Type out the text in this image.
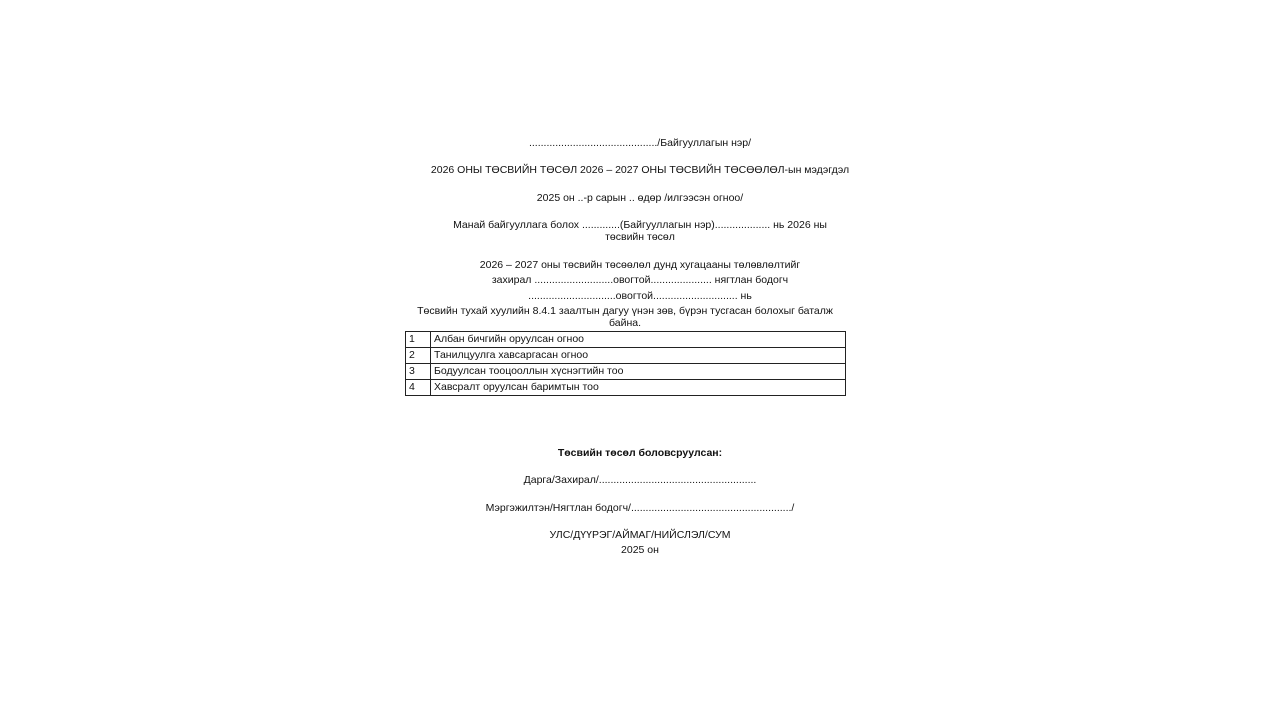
............................................/Байгууллагын нэр/
2026 ОНЫ ТӨСВИЙН ТӨСӨЛ 2026 – 2027 ОНЫ ТӨСВИЙН ТӨСӨӨЛӨЛ-ын мэдэгдэл
2025 он ..-р сарын .. өдөр /илгээсэн огноо/
Манай байгууллага болох .............(Байгууллагын нэр)................... нь 2026 ны
төсвийн төсөл
2026 – 2027 оны төсвийн төсөөлөл дунд хугацааны төлөвлөлтийг
захирал ...........................овогтой..................... нягтлан бодогч
..............................овогтой............................. нь
Төсвийн тухай хуулийн 8.4.1 заалтын дагуу үнэн зөв, бүрэн тусгасан болохыг баталж байна.
1	Албан бичгийн оруулсан огноо
2	Танилцуулга хавсаргасан огноо
3	Бодуулсан тооцооллын хүснэгтийн тоо
4	Хавсралт оруулсан баримтын тоо
Төсвийн төсөл боловсруулсан:
Дарга/Захирал/......................................................
Мэргэжилтэн/Нягтлан бодогч/......................................................./
УЛС/ДҮҮРЭГ/АЙМАГ/НИЙСЛЭЛ/СУМ
2025 он
